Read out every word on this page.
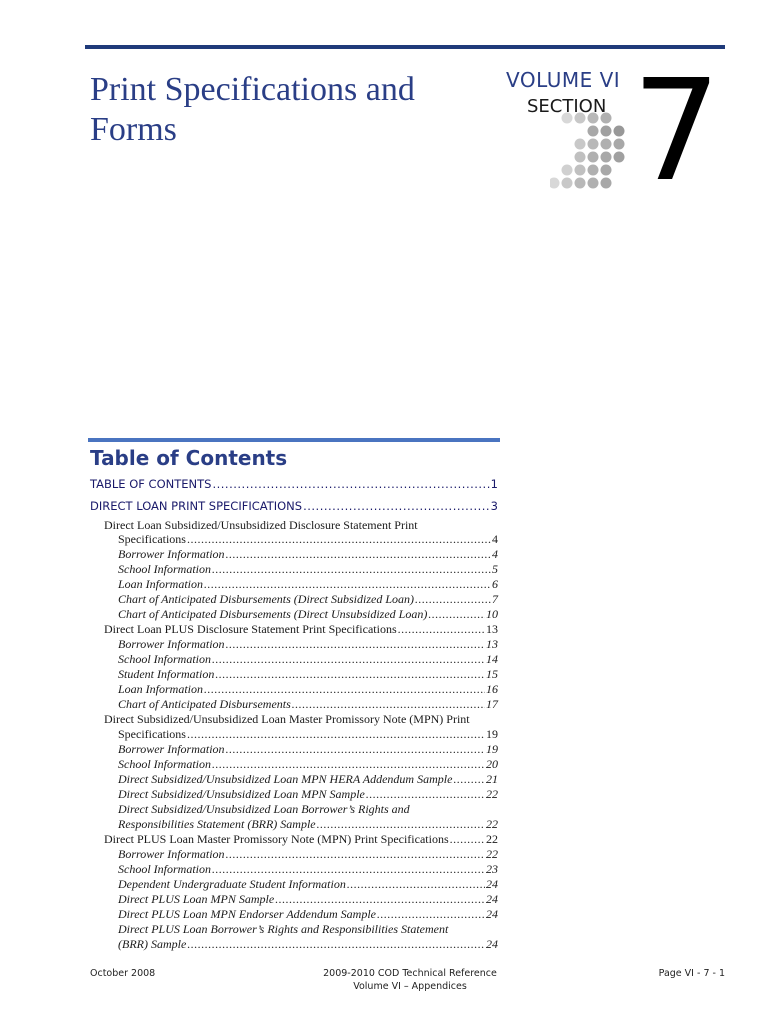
Print Specifications and
Forms
VOLUME VI
SECTION 7
Table of Contents
TABLE OF CONTENTS .....	1
DIRECT LOAN PRINT SPECIFICATIONS .....	3
Direct Loan Subsidized/Unsubsidized Disclosure Statement Print
Specifications .....	4
Borrower Information .....	4
School Information .....	5
Loan Information .....	6
Chart of Anticipated Disbursements (Direct Subsidized Loan) .....	7
Chart of Anticipated Disbursements (Direct Unsubsidized Loan) .....	10
Direct Loan PLUS Disclosure Statement Print Specifications .....	13
Borrower Information .....	13
School Information .....	14
Student Information .....	15
Loan Information .....	16
Chart of Anticipated Disbursements .....	17
Direct Subsidized/Unsubsidized Loan Master Promissory Note (MPN) Print
Specifications .....	19
Borrower Information .....	19
School Information .....	20
Direct Subsidized/Unsubsidized Loan MPN HERA Addendum Sample .....	21
Direct Subsidized/Unsubsidized Loan MPN Sample .....	22
Direct Subsidized/Unsubsidized Loan Borrower’s Rights and
Responsibilities Statement (BRR) Sample .....	22
Direct PLUS Loan Master Promissory Note (MPN) Print Specifications .....	22
Borrower Information .....	22
School Information .....	23
Dependent Undergraduate Student Information .....	24
Direct PLUS Loan MPN Sample .....	24
Direct PLUS Loan MPN Endorser Addendum Sample .....	24
Direct PLUS Loan Borrower’s Rights and Responsibilities Statement
(BRR) Sample .....	24
October 2008	2009-2010 COD Technical Reference
Volume VI – Appendices
Page VI - 7 - 1
